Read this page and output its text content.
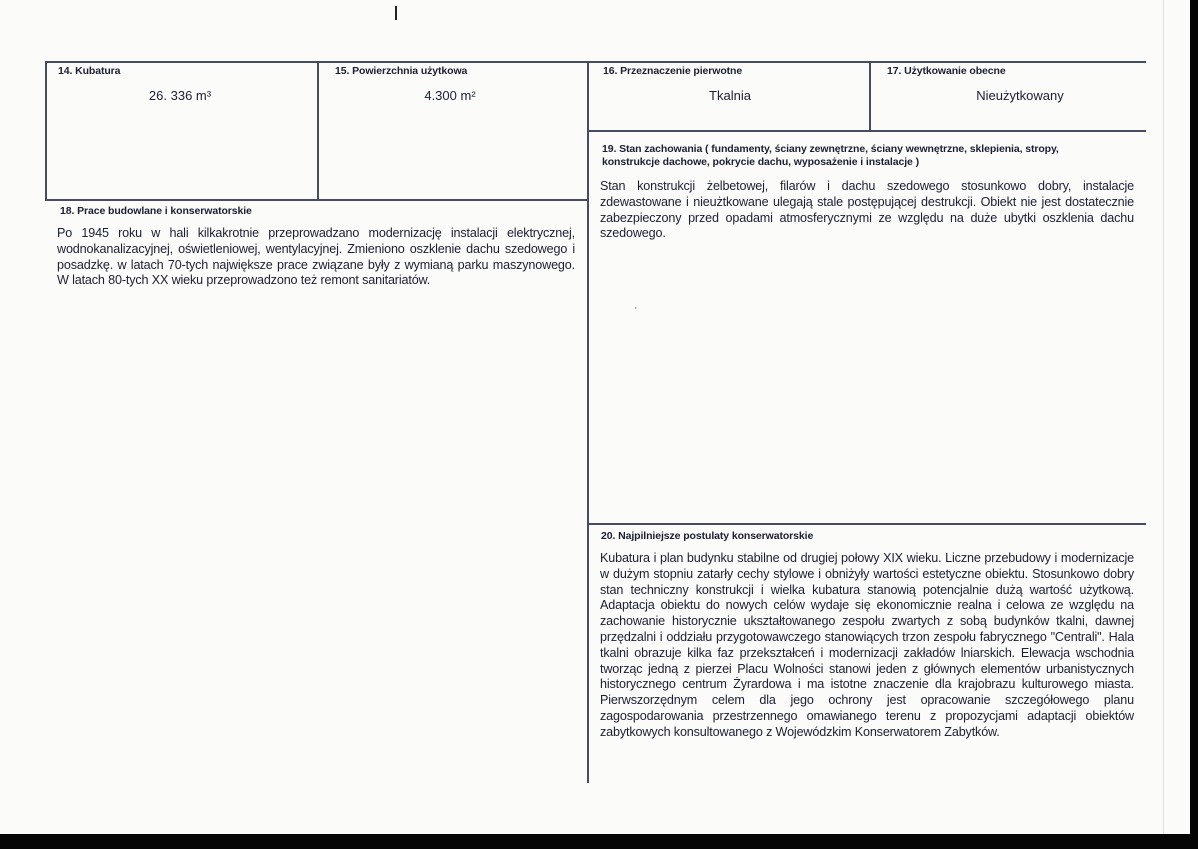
14. Kubatura
26. 336 m³
15. Powierzchnia użytkowa
4.300 m²
16. Przeznaczenie pierwotne
Tkalnia
17. Użytkowanie obecne
Nieużytkowany
18. Prace budowlane i konserwatorskie
Po 1945 roku w hali kilkakrotnie przeprowadzano modernizację instalacji elektrycznej, wodnokanalizacyjnej, oświetleniowej, wentylacyjnej. Zmieniono oszklenie dachu szedowego i posadzkę. w latach 70-tych największe prace związane były z wymianą parku maszynowego. W latach 80-tych XX wieku przeprowadzono też remont sanitariatów.
19. Stan zachowania ( fundamenty, ściany zewnętrzne, ściany wewnętrzne, sklepienia, stropy, konstrukcje dachowe, pokrycie dachu, wyposażenie i instalacje )
Stan konstrukcji żelbetowej, filarów i dachu szedowego stosunkowo dobry, instalacje zdewastowane i nieużtkowane ulegają stale postępującej destrukcji. Obiekt nie jest dostatecznie zabezpieczony przed opadami atmosferycznymi ze względu na duże ubytki oszklenia dachu szedowego.
·
20. Najpilniejsze postulaty konserwatorskie
Kubatura i plan budynku stabilne od drugiej połowy XIX wieku. Liczne przebudowy i modernizacje w dużym stopniu zatarły cechy stylowe i obniżyły wartości estetyczne obiektu. Stosunkowo dobry stan techniczny konstrukcji i wielka kubatura stanowią potencjalnie dużą wartość użytkową. Adaptacja obiektu do nowych celów wydaje się ekonomicznie realna i celowa ze względu na zachowanie historycznie ukształtowanego zespołu zwartych z sobą budynków tkalni, dawnej przędzalni i oddziału przygotowawczego stanowiących trzon zespołu fabrycznego "Centrali". Hala tkalni obrazuje kilka faz przekształceń i modernizacji zakładów lniarskich. Elewacja wschodnia tworząc jedną z pierzei Placu Wolności stanowi jeden z głównych elementów urbanistycznych historycznego centrum Żyrardowa i ma istotne znaczenie dla krajobrazu kulturowego miasta. Pierwszorzędnym celem dla jego ochrony jest opracowanie szczegółowego planu zagospodarowania przestrzennego omawianego terenu z propozycjami adaptacji obiektów zabytkowych konsultowanego z Wojewódzkim Konserwatorem Zabytków.
